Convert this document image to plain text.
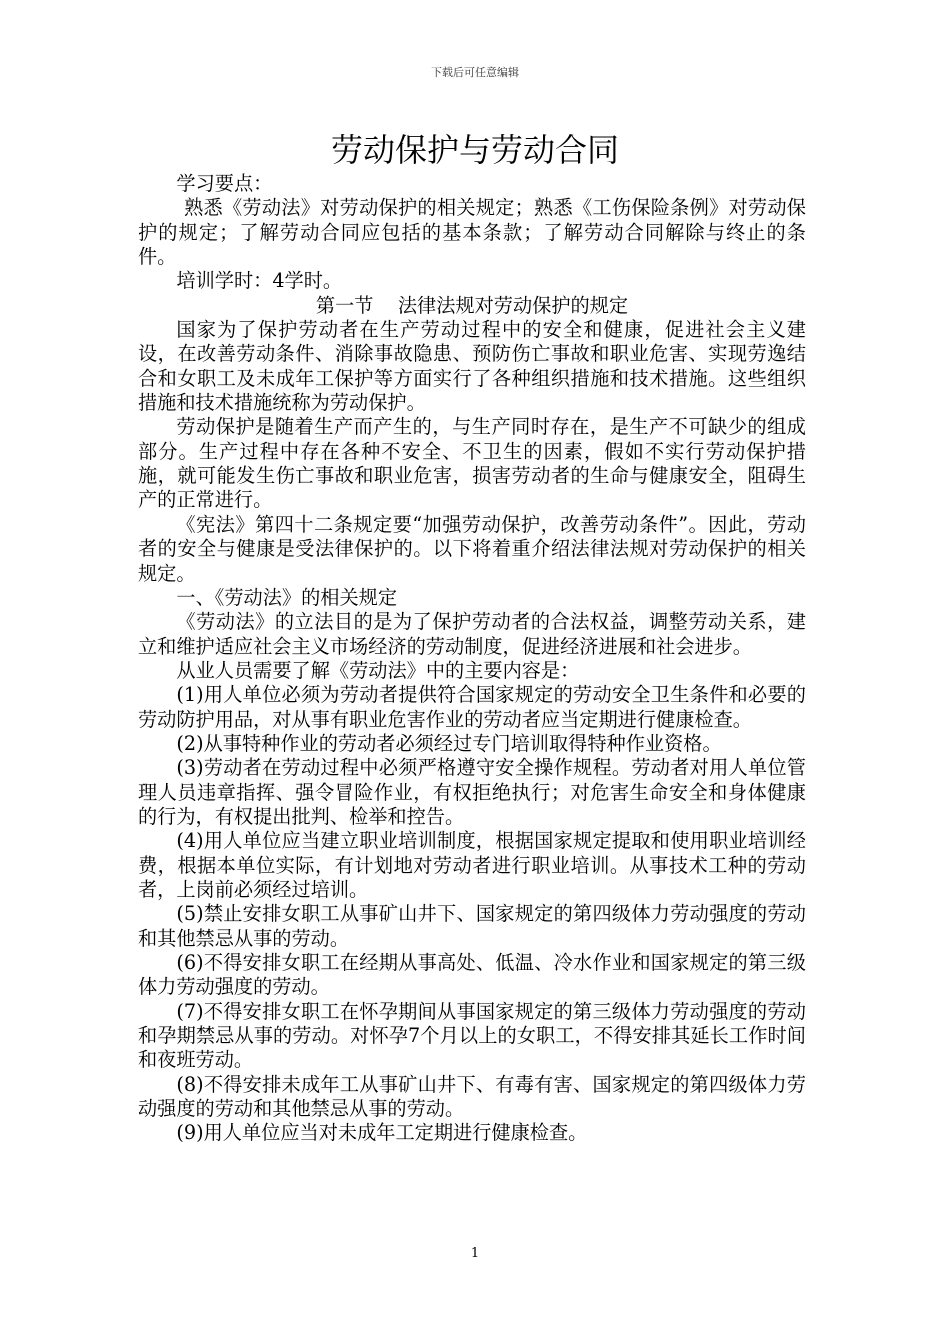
下载后可任意编辑
劳动保护与劳动合同

学习要点：

熟悉《劳动法》对劳动保护的相关规定；熟悉《工伤保险条例》对劳动保护的规定；了解劳动合同应包括的基本条款；了解劳动合同解除与终止的条件。

培训学时：4学时。

第一节    法律法规对劳动保护的规定

国家为了保护劳动者在生产劳动过程中的安全和健康，促进社会主义建设，在改善劳动条件、消除事故隐患、预防伤亡事故和职业危害、实现劳逸结合和女职工及未成年工保护等方面实行了各种组织措施和技术措施。这些组织措施和技术措施统称为劳动保护。

劳动保护是随着生产而产生的，与生产同时存在，是生产不可缺少的组成部分。生产过程中存在各种不安全、不卫生的因素，假如不实行劳动保护措施，就可能发生伤亡事故和职业危害，损害劳动者的生命与健康安全，阻碍生产的正常进行。

《宪法》第四十二条规定要“加强劳动保护，改善劳动条件”。因此，劳动者的安全与健康是受法律保护的。以下将着重介绍法律法规对劳动保护的相关规定。

一、《劳动法》的相关规定

《劳动法》的立法目的是为了保护劳动者的合法权益，调整劳动关系，建立和维护适应社会主义市场经济的劳动制度，促进经济进展和社会进步。

从业人员需要了解《劳动法》中的主要内容是：

(1)用人单位必须为劳动者提供符合国家规定的劳动安全卫生条件和必要的劳动防护用品，对从事有职业危害作业的劳动者应当定期进行健康检查。

(2)从事特种作业的劳动者必须经过专门培训取得特种作业资格。

(3)劳动者在劳动过程中必须严格遵守安全操作规程。劳动者对用人单位管理人员违章指挥、强令冒险作业，有权拒绝执行；对危害生命安全和身体健康的行为，有权提出批判、检举和控告。

(4)用人单位应当建立职业培训制度，根据国家规定提取和使用职业培训经费，根据本单位实际，有计划地对劳动者进行职业培训。从事技术工种的劳动者，上岗前必须经过培训。

(5)禁止安排女职工从事矿山井下、国家规定的第四级体力劳动强度的劳动和其他禁忌从事的劳动。

(6)不得安排女职工在经期从事高处、低温、冷水作业和国家规定的第三级体力劳动强度的劳动。

(7)不得安排女职工在怀孕期间从事国家规定的第三级体力劳动强度的劳动和孕期禁忌从事的劳动。对怀孕7个月以上的女职工，不得安排其延长工作时间和夜班劳动。

(8)不得安排未成年工从事矿山井下、有毒有害、国家规定的第四级体力劳动强度的劳动和其他禁忌从事的劳动。

(9)用人单位应当对未成年工定期进行健康检查。

1
